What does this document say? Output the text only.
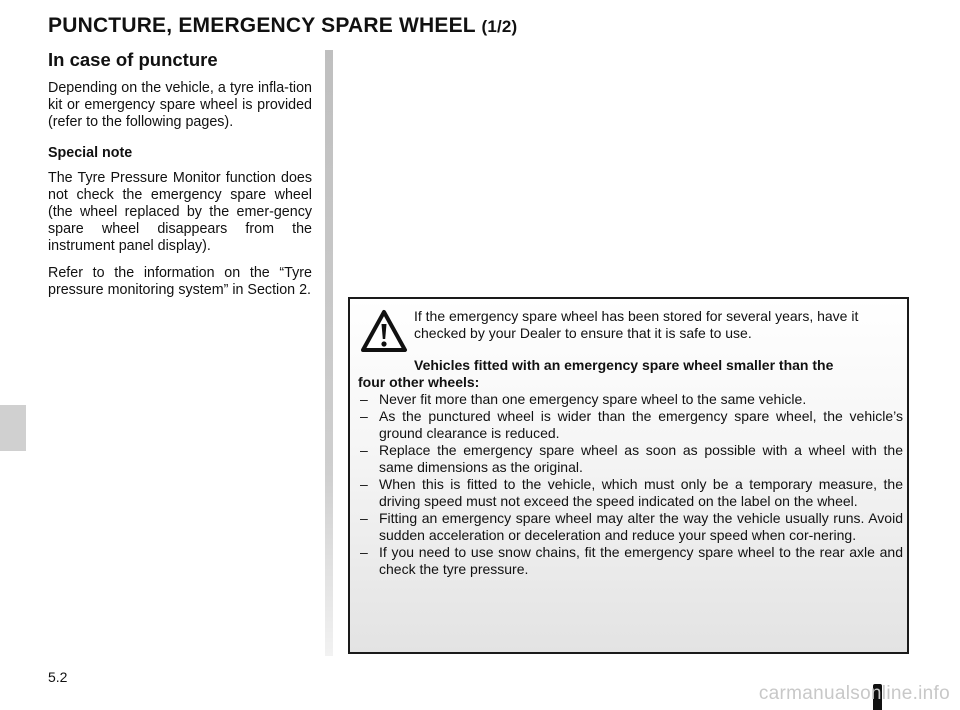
PUNCTURE, EMERGENCY SPARE WHEEL (1/2)
In case of puncture

Depending on the vehicle, a tyre infla-tion kit or emergency spare wheel is provided (refer to the following pages).

Special note

The Tyre Pressure Monitor function does not check the emergency spare wheel (the wheel replaced by the emer-gency spare wheel disappears from the instrument panel display).

Refer to the information on the “Tyre pressure monitoring system” in Section 2.

If the emergency spare wheel has been stored for several years, have it checked by your Dealer to ensure that it is safe to use.
Vehicles fitted with an emergency spare wheel smaller than the
four other wheels:
– Never fit more than one emergency spare wheel to the same vehicle.
– As the punctured wheel is wider than the emergency spare wheel, the vehicle’s ground clearance is reduced.
– Replace the emergency spare wheel as soon as possible with a wheel with the same dimensions as the original.
– When this is fitted to the vehicle, which must only be a temporary measure, the driving speed must not exceed the speed indicated on the label on the wheel.
– Fitting an emergency spare wheel may alter the way the vehicle usually runs. Avoid sudden acceleration or deceleration and reduce your speed when cor-nering.
– If you need to use snow chains, fit the emergency spare wheel to the rear axle and check the tyre pressure.
5.2
carmanualsonline.info
